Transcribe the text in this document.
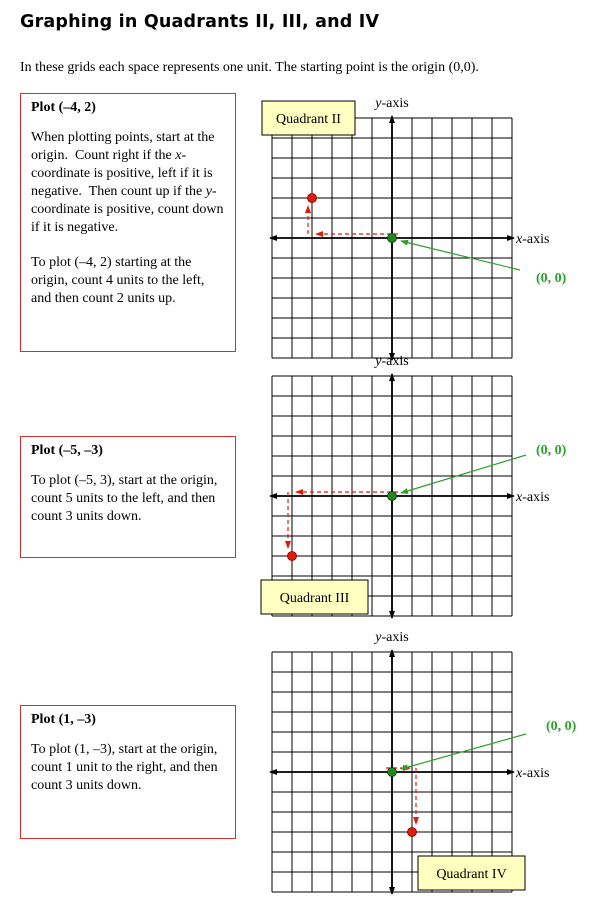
Graphing in Quadrants II, III, and IV
In these grids each space represents one unit. The starting point is the origin (0,0).
Plot (–4, 2)

When plotting points, start at the origin.  Count right if the x-coordinate is positive, left if it is negative.  Then count up if the y-coordinate is positive, count down if it is negative.

To plot (–4, 2) starting at the origin, count 4 units to the left, and then count 2 units up.

Plot (–5, –3)

To plot (–5, 3), start at the origin, count 5 units to the left, and then count 3 units down.

Plot (1, –3)

To plot (1, –3), start at the origin, count 1 unit to the right, and then count 3 units down.

x-axis
y-axis
(0, 0)
Quadrant II
x-axis
y-axis
(0, 0)
Quadrant III
x-axis
y-axis
(0, 0)
Quadrant IV
